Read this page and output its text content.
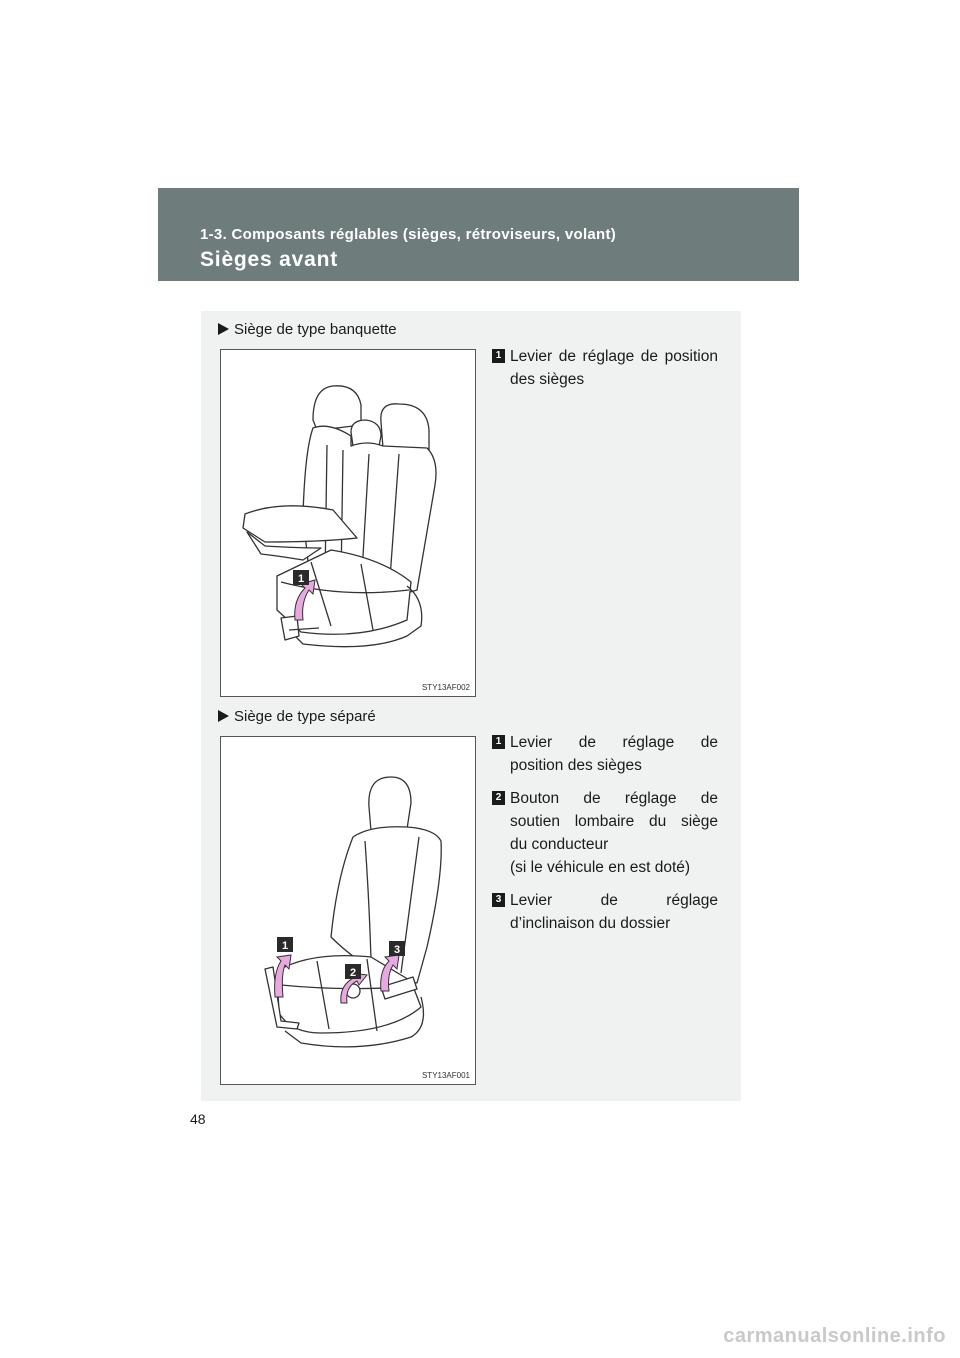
1-3. Composants réglables (sièges, rétroviseurs, volant)
Sièges avant
Siège de type banquette
1
STY13AF002
1 Levier de réglage de position des sièges
Siège de type séparé
1
2
3
STY13AF001
1 Levier de réglage de
position des sièges
2 Bouton de réglage de
soutien lombaire du siège
du conducteur
(si le véhicule en est doté)
3 Levier de réglage
d’inclinaison du dossier
48
carmanualsonline.info
